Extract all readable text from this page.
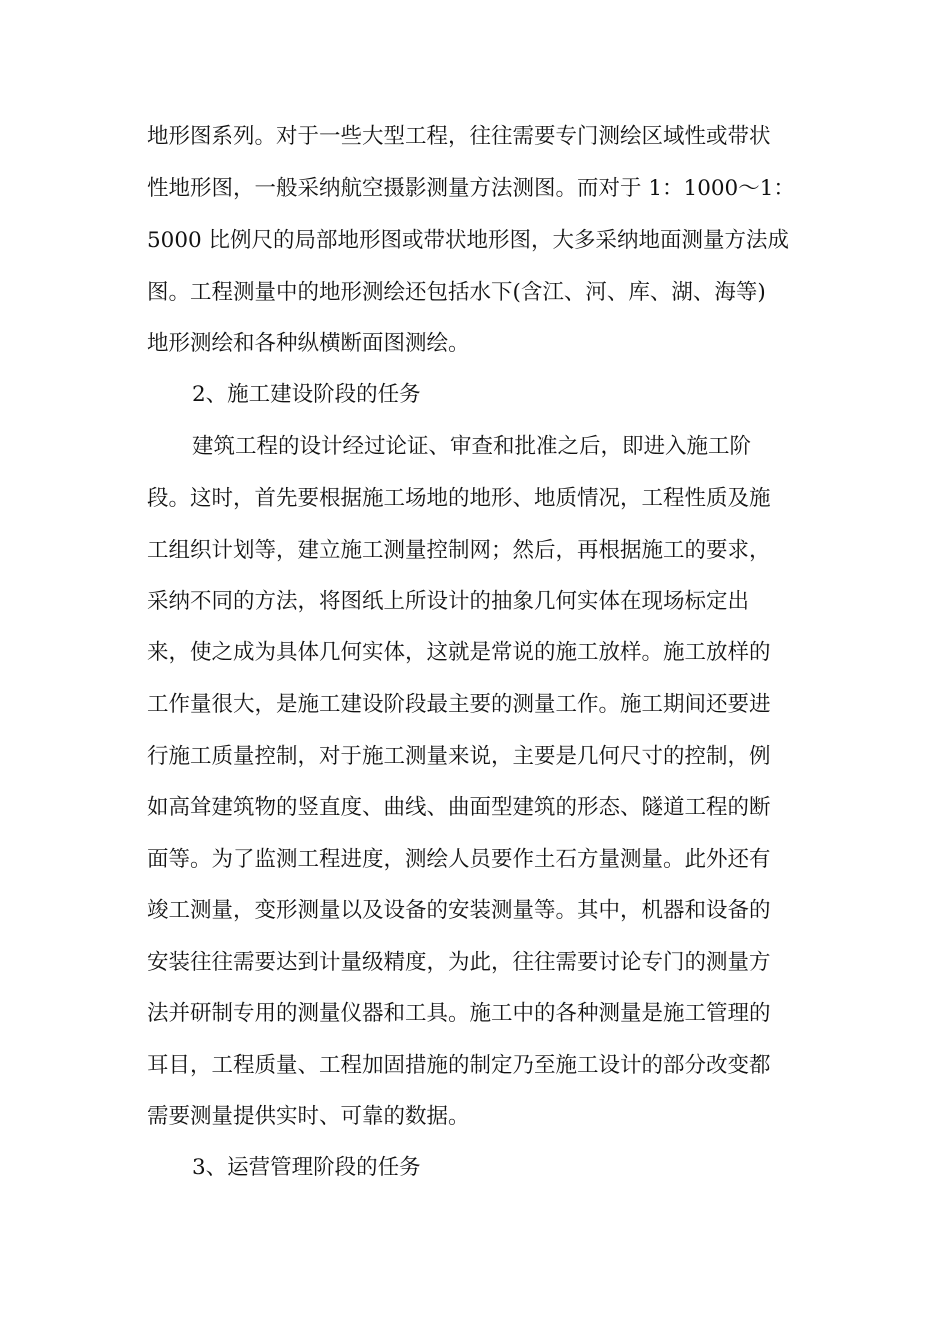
地形图系列。对于一些大型工程，往往需要专门测绘区域性或带状
性地形图，一般采纳航空摄影测量方法测图。而对于 1：1000～1：
5000 比例尺的局部地形图或带状地形图，大多采纳地面测量方法成
图。工程测量中的地形测绘还包括水下(含江、河、库、湖、海等)
地形测绘和各种纵横断面图测绘。
2、施工建设阶段的任务
建筑工程的设计经过论证、审查和批准之后，即进入施工阶
段。这时，首先要根据施工场地的地形、地质情况，工程性质及施
工组织计划等，建立施工测量控制网；然后，再根据施工的要求，
采纳不同的方法，将图纸上所设计的抽象几何实体在现场标定出
来，使之成为具体几何实体，这就是常说的施工放样。施工放样的
工作量很大，是施工建设阶段最主要的测量工作。施工期间还要进
行施工质量控制，对于施工测量来说，主要是几何尺寸的控制，例
如高耸建筑物的竖直度、曲线、曲面型建筑的形态、隧道工程的断
面等。为了监测工程进度，测绘人员要作土石方量测量。此外还有
竣工测量，变形测量以及设备的安装测量等。其中，机器和设备的
安装往往需要达到计量级精度，为此，往往需要讨论专门的测量方
法并研制专用的测量仪器和工具。施工中的各种测量是施工管理的
耳目，工程质量、工程加固措施的制定乃至施工设计的部分改变都
需要测量提供实时、可靠的数据。
3、运营管理阶段的任务
